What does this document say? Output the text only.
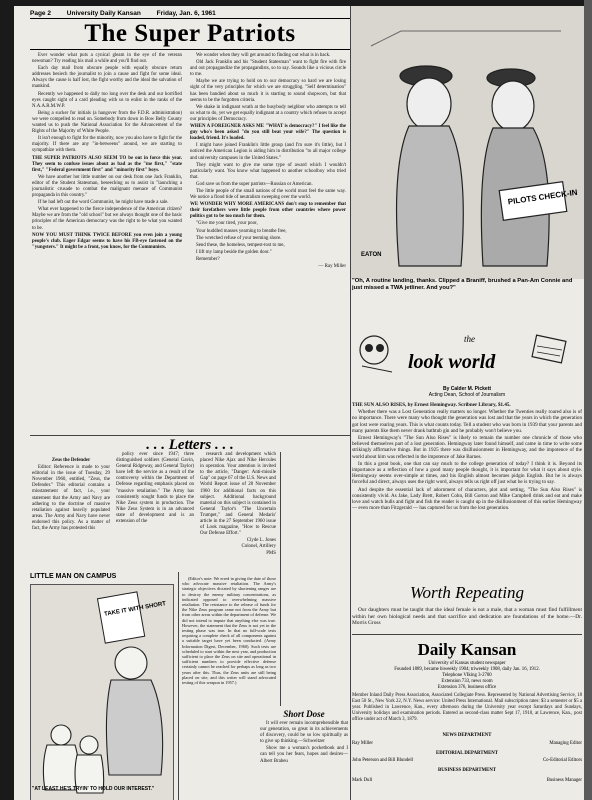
Page 2 University Daily Kansan Friday, Jan. 6, 1961
The Super Patriots

Ever wonder what puts a cynical gleam in the eye of the veteran newsman? Try reading his mail a while and you'll find out.

Each day mail from obscure people with equally obscure return addresses besiech the journalist to join a cause and fight for some ideal. Always the cause is half lost, the fight worthy and the ideal the salvation of mankind.

Recently we happened to dally too long over the desk and our horrified eyes caught sight of a card pleading with us to enlist in the ranks of the N.A.A.R.M.W.P.

Being a sucker for initials (a hangover from the F.D.R. administration) we were compelled to read on. Somebody from down in Bow Belly County wanted us to push the National Association for the Advancement of the Rights of the Majority of White People.

It isn't enough to fight for the minority, now you also have to fight for the majority. If there are any "in-betweens" around, we are starting to sympathize with them.

THE SUPER PATRIOTS ALSO SEEM TO be out in force this year. They seem to confuse issues about as bad as the "me first," "state first," "Federal government first" and "minority first" boys.

We have another hot little number on our desk from one Jack Franklin, editor of the Student Statesman, beseeching us to assist in "launching a journalistic crusade to combat the malignant menace of Communist propaganda in this country."

If he had left out the word Communist, he might have made a sale.

What ever happened to the fierce independence of the American citizen? Maybe we are from the "old school" but we always thought one of the basic principles of the American democracy was the right to be what you wanted to be.

NOW YOU MUST THINK TWICE BEFORE you even join a young people's club. Eager Edgar seems to have his FB-eye fastened on the "yungsters." It might be a front, you know, for the Communists.

We wonder when they will get around to finding out what is in back.

Old Jack Franklin and his "Student Statesman" want to fight fire with fire and out propagandize the propagandists, so to say. Sounds like a vicious circle to me.

Maybe we are trying to hold on to our democracy so hard we are losing sight of the very principles for which we are struggling. "Self determination" has been bandied about so much it is starting to sound shopworn, but that seems to be the forgotten criteria.

We shake in indignant wrath at the busybody neighbor who attempts to tell us what to do, yet we get equally indignant at a country which refuses to accept our principles of Democracy.

WHEN A FOREIGNER ASKS ME "WHAT is democracy?" I feel like the guy who's been asked "do you still beat your wife?" The question is loaded, friend. It's loaded.

I might have joined Franklin's little group (and I'm sure it's little), but I noticed the American Legion is aiding him in distribution "to all major college and university campuses in the United States."

They might want to give me some type of award which I wouldn't particularly want. You know what happened to another schoolboy who tried that.

God save us from the super patriots—Russian or American.

The little people of the small nations of the world must feel the same way. We notice a flood tide of neutralism sweeping over the world.

WE WONDER WHY MORE AMERICANS don't stop to remember that their forefathers were little people from other countries where power politics got to be too much for them.

"Give me your tired, your poor,

Your huddled masses yearning to breathe free,

The wretched refuse of your teeming shore.

Send these, the homeless, tempest-tost to me,

I lift my lamp beside the golden door."

Remember?

— Ray Miller

PILOTS CHECK-IN
EATON
"Oh, A routine landing, thanks. Clipped a Braniff, brushed a Pan-Am Connie and just missed a TWA jetliner. And you?"
the
look world
By Calder M. Pickett
Acting Dean, School of Journalism

THE SUN ALSO RISES, by Ernest Hemingway. Scribner Library, $1.45.

Whether there was a Lost Generation really matters no longer. Whether the Twenties really roared also is of no importance. There were many who thought the generation was lost and that the years in which the generation got lost were roaring years. This is what counts today. Tell a student who was born in 1939 that your parents and many parents like them never drank bathtub gin and he probably won't believe you.

Ernest Hemingway's "The Sun Also Rises" is likely to remain the number one chronicle of those who believed themselves part of a lost generation. Hemingway later found himself, and came in time to write some strikingly affirmative things. But in 1925 there was disillusionment in Hemingway, and the impotence of the world about him was reflected in the impotence of Jake Barnes.

In this a great book, one that can say much to the college generation of today? I think it is. Beyond its importance as a reflection of how a good many people thought, it is important for what it says about style. Hemingway seems over-simple at times, and his English almost becomes pidgin English. But he is always forceful and direct, always uses the right word, always tells us right off just what he is trying to say.

And despite the essential lack of adornment of characters, plot and setting, "The Sun Also Rises" is consistently vivid. As Jake, Lady Brett, Robert Cohn, Bill Gorton and Mike Campbell drink and eat and make love and watch bulls and fight and fish the reader is caught up in the disillusionment of this earlier Hemingway — even more than Fitzgerald — has captured for us from the lost generation.

Worth Repeating

Our daughters must be taught that the ideal female is not a male, that a woman must find fulfillment within her own biological needs and that sacrifice and dedication are foundations of the home.—Dr. Morris Gross

Daily Kansan
University of Kansas student newspaper
Founded 1889, became biweekly 1904; triweekly 1908, daily Jan. 16, 1912.
Telephone VIking 3-2700
Extension 733, news room
Extension 376, business office

Member Inland Daily Press Association, Associated Collegiate Press. Represented by National Advertising Service, 18 East 50 St., New York 22, N.Y. News service: United Press International. Mail subscription rates: $3 a semester or $5 a year. Published in Lawrence, Kan., every afternoon during the University year except Saturdays and Sundays, University holidays and examination periods. Entered as second-class matter Sept 17, 1910, at Lawrence, Kan., post office under act of March 3, 1879.

NEWS DEPARTMENT
Ray Miller	Managing Editor
EDITORIAL DEPARTMENT
John Peterson and Bill Blundell	Co-Editorial Editors
BUSINESS DEPARTMENT
Mark Dull	Business Manager
. . . Letters . . .

Zeus the Defender

Editor: Reference is made to your editorial in the issue of Tuesday, 29 November 1960, entitled, "Zeus, the Defender." This editorial contains a misstatement of fact, i.e., your statement that the Army and Navy are adhering to the doctrine of massive retaliation against heavily populated areas. The Army and Navy have never endorsed this policy. As a matter of fact, the Army has protested this

policy ever since 1947; three distinguished soldiers (General Gavin, General Ridgeway, and General Taylor) have left the service as a result of the controversy within the Department of Defense regarding emphasis placed on "massive retaliation." The Army has consistently sought funds to place the Nike Zeus system in production. The Nike Zeus System is in an advanced state of development and is an extension of the

research and development which placed Nike Ajax and Nike Hercules in operation. Your attention is invited to the article, "Danger: Anti-missile Gap" on page 67 of the U.S. News and World Report issue of 28 November 1960 for additional facts on this subject. Additional background material on this subject is contained in General Taylor's "The Uncertain Trumpet," and General Medaris' article in the 27 September 1960 issue of Look magazine, "How to Rescue Our Defense Effort."

Clyde L. Jones
Colonel, Artillery
PMS

(Editor's note: We erred in giving the date of those who advocate massive retaliation. The Army's strategic objectives dictated by shortening ranges are to destroy the enemy military concentrations, as indicated opposed to overwhelming massive retaliation. The resistance to the release of funds for the Nike Zeus program came not from the Army but from other areas within the department of defense. We did not intend to impute that anything else was true. However, the statement that the Zeus is not yet in the testing phase was true. In that no full-scale tests requiring a complete check of all components against a suitable target have yet been conducted. (Army Information Digest, December, 1960). Such tests are scheduled to start within the next year, and production sufficient to place the Zeus on site and operational in sufficient numbers to provide effective defense certainly cannot be reached for perhaps as long as two years after this. Thus, the Zeus units are still being placed on site, and this writer will stand advocated testing of this weapon in 1957.)

LITTLE MAN ON CAMPUS
TAKE IT WITH SHORT
"AT LEAST HE'S TRYIN' TO HOLD OUR INTEREST."
Short Dose

It will ever remain incomprehensible that our generation, so great in its achievements of discovery, could be so low spiritually as to give up thinking.—Schweitzer

Show me a woman's pocketbook and I can tell you her fears, hopes and desires—Albert Brabeu
